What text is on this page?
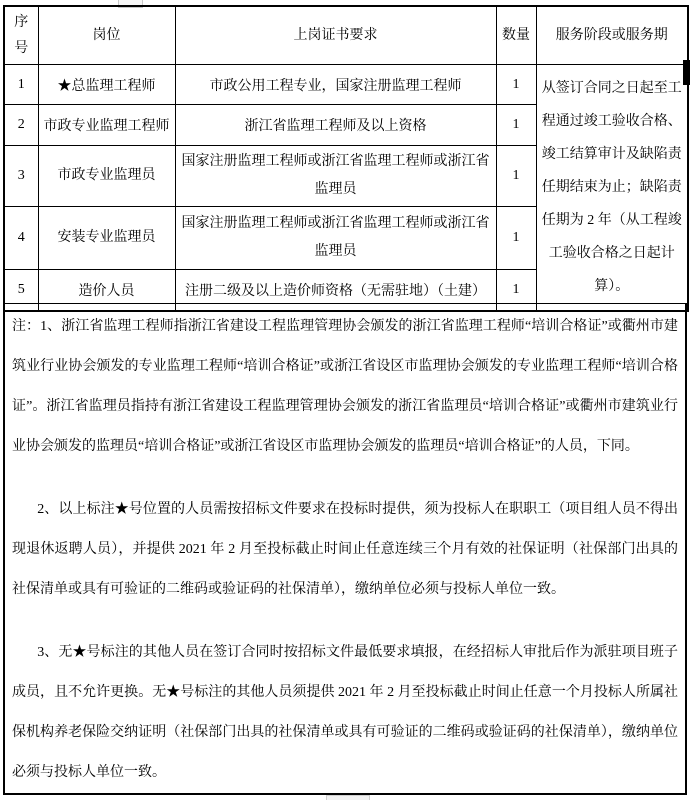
序号	岗位	上岗证书要求	数量	服务阶段或服务期
1	★总监理工程师	市政公用工程专业，国家注册监理工程师	1	从签订合同之日起至工程通过竣工验收合格、竣工结算审计及缺陷责任期结束为止；缺陷责任期为 2 年（从工程竣工验收合格之日起计算）。
2	市政专业监理工程师	浙江省监理工程师及以上资格	1	
3	市政专业监理员	国家注册监理工程师或浙江省监理工程师或浙江省监理员	1	
4	安装专业监理员	国家注册监理工程师或浙江省监理工程师或浙江省监理员	1	
5	造价人员	注册二级及以上造价师资格（无需驻地）（土建）	1	

注：1、浙江省监理工程师指浙江省建设工程监理管理协会颁发的浙江省监理工程师“培训合格证”或衢州市建筑业行业协会颁发的专业监理工程师“培训合格证”或浙江省设区市监理协会颁发的专业监理工程师“培训合格证”。浙江省监理员指持有浙江省建设工程监理管理协会颁发的浙江省监理员“培训合格证”或衢州市建筑业行业协会颁发的监理员“培训合格证”或浙江省设区市监理协会颁发的监理员“培训合格证”的人员，下同。

2、以上标注★号位置的人员需按招标文件要求在投标时提供，须为投标人在职职工（项目组人员不得出现退休返聘人员），并提供 2021 年 2 月至投标截止时间止任意连续三个月有效的社保证明（社保部门出具的社保清单或具有可验证的二维码或验证码的社保清单），缴纳单位必须与投标人单位一致。

3、无★号标注的其他人员在签订合同时按招标文件最低要求填报，在经招标人审批后作为派驻项目班子成员，且不允许更换。无★号标注的其他人员须提供 2021 年 2 月至投标截止时间止任意一个月投标人所属社保机构养老保险交纳证明（社保部门出具的社保清单或具有可验证的二维码或验证码的社保清单），缴纳单位必须与投标人单位一致。
